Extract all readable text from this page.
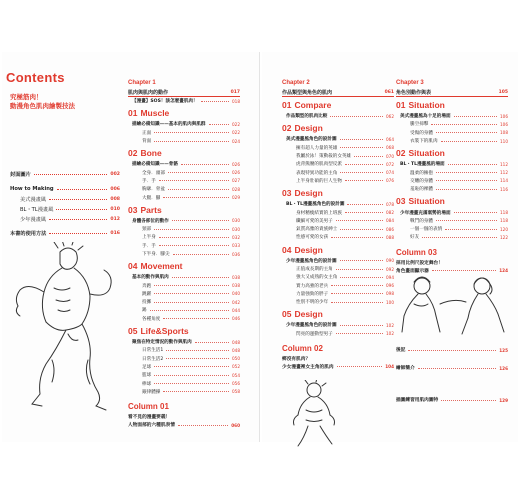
Contents
究極筋肉！
動漫角色肌肉繪製技法
封面圖片	002
How to Making	006
美式漫畫風	008
BL・TL漫畫風	010
少年漫畫風	012
本書的使用方法	016
Chapter 1
肌肉與肌肉的動作	017
【漫畫】SOS！該怎麼畫肌肉！	018
01 Muscle
描繪必備知識——基本的肌肉與肌群	022
正面	022
背面	024
02 Bone
描繪必備知識——骨骼	026
全身．頭部	026
手．手	027
胸廓．骨盆	028
大腿．腳	029
03 Parts
身體各部位的動作	030
頸部	030
上半身	032
手．手	033
下半身．腳尖	036
04 Movement
基本的動作與肌肉	038
奔跑	038
跳躍	040
投擲	042
踢	044
各種角度	046
05 Life&Sports
聚焦在特定情況的動作與肌肉	048
日常生活1	048
日常生活2	050
足球	052
籃球	054
棒球	056
銀律體操	058
Column 01
看不見的漫畫要義！
人物面部的六種肌表情	060
Chapter 2
作品類型與角色的肌肉	061
01 Compare
作品類型的肌肉比較	062
02 Design
美式漫畫風角色的設計圖	064
擁有超人力量的英雄	068
我屬於泳！策動殺的女英雄	070
虎背熊腰的肌肉型反派	072
表現特異功能的主角	074
上半身壯碩的巨人生物	076
03 Design
BL・TL漫畫風角色的設計圖	078
身材精瘦結實的上班族	082
纖細可愛的美男子	084
氣質高雅的貴族紳士	086
性感可愛的女孩	088
04 Design
少年漫畫風角色的設計圖	090
正值成長期的主角	092
強大又成熟的女主角	094
實力高強的老兵	096
力量強勁的胖子	098
性別不明的少年	100
05 Design
少年漫畫風角色的設計圖	102
閃亮的運動型男子	102
Column 02
鄉沒有肌肉？
少女漫畫裡女主角的肌肉	104
Chapter 3
角色別動作與表	105
01 Situation
美式漫畫風為十足的場面	106
騰空掃擊	106
受傷的身體	108
衣裝下的肌肉	110
02 Situation
BL・TL漫畫風的場面	112
溫柔的擁抱	112
交纏的身體	114
羞恥的裸體	116
03 Situation
少年漫畫充滿氣勢的場面	118
戰鬥的身體	118
一個一個的表情	120
好友	122
Column 03
採用比例尺設定舞台！
角色畫面顯示器	124
後記	125
繪師簡介	126
插圖練習用肌肉圖特	129
